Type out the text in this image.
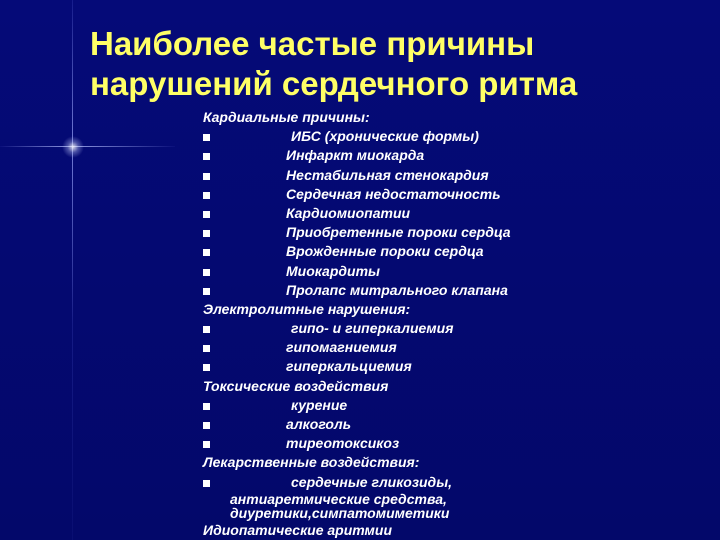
Наиболее частые причины
нарушений сердечного ритма
Кардиальные причины:
ИБС (хронические формы)
Инфаркт миокарда
Нестабильная стенокардия
Сердечная недостаточность
Кардиомиопатии
Приобретенные пороки сердца
Врожденные пороки сердца
Миокардиты
Пролапс митрального клапана
Электролитные нарушения:
гипо- и гиперкалиемия
гипомагниемия
гиперкальциемия
Токсические воздействия
курение
алкоголь
тиреотоксикоз
Лекарственные воздействия:
сердечные гликозиды,
антиаретмические средства,
диуретики,симпатомиметики
Идиопатические аритмии
